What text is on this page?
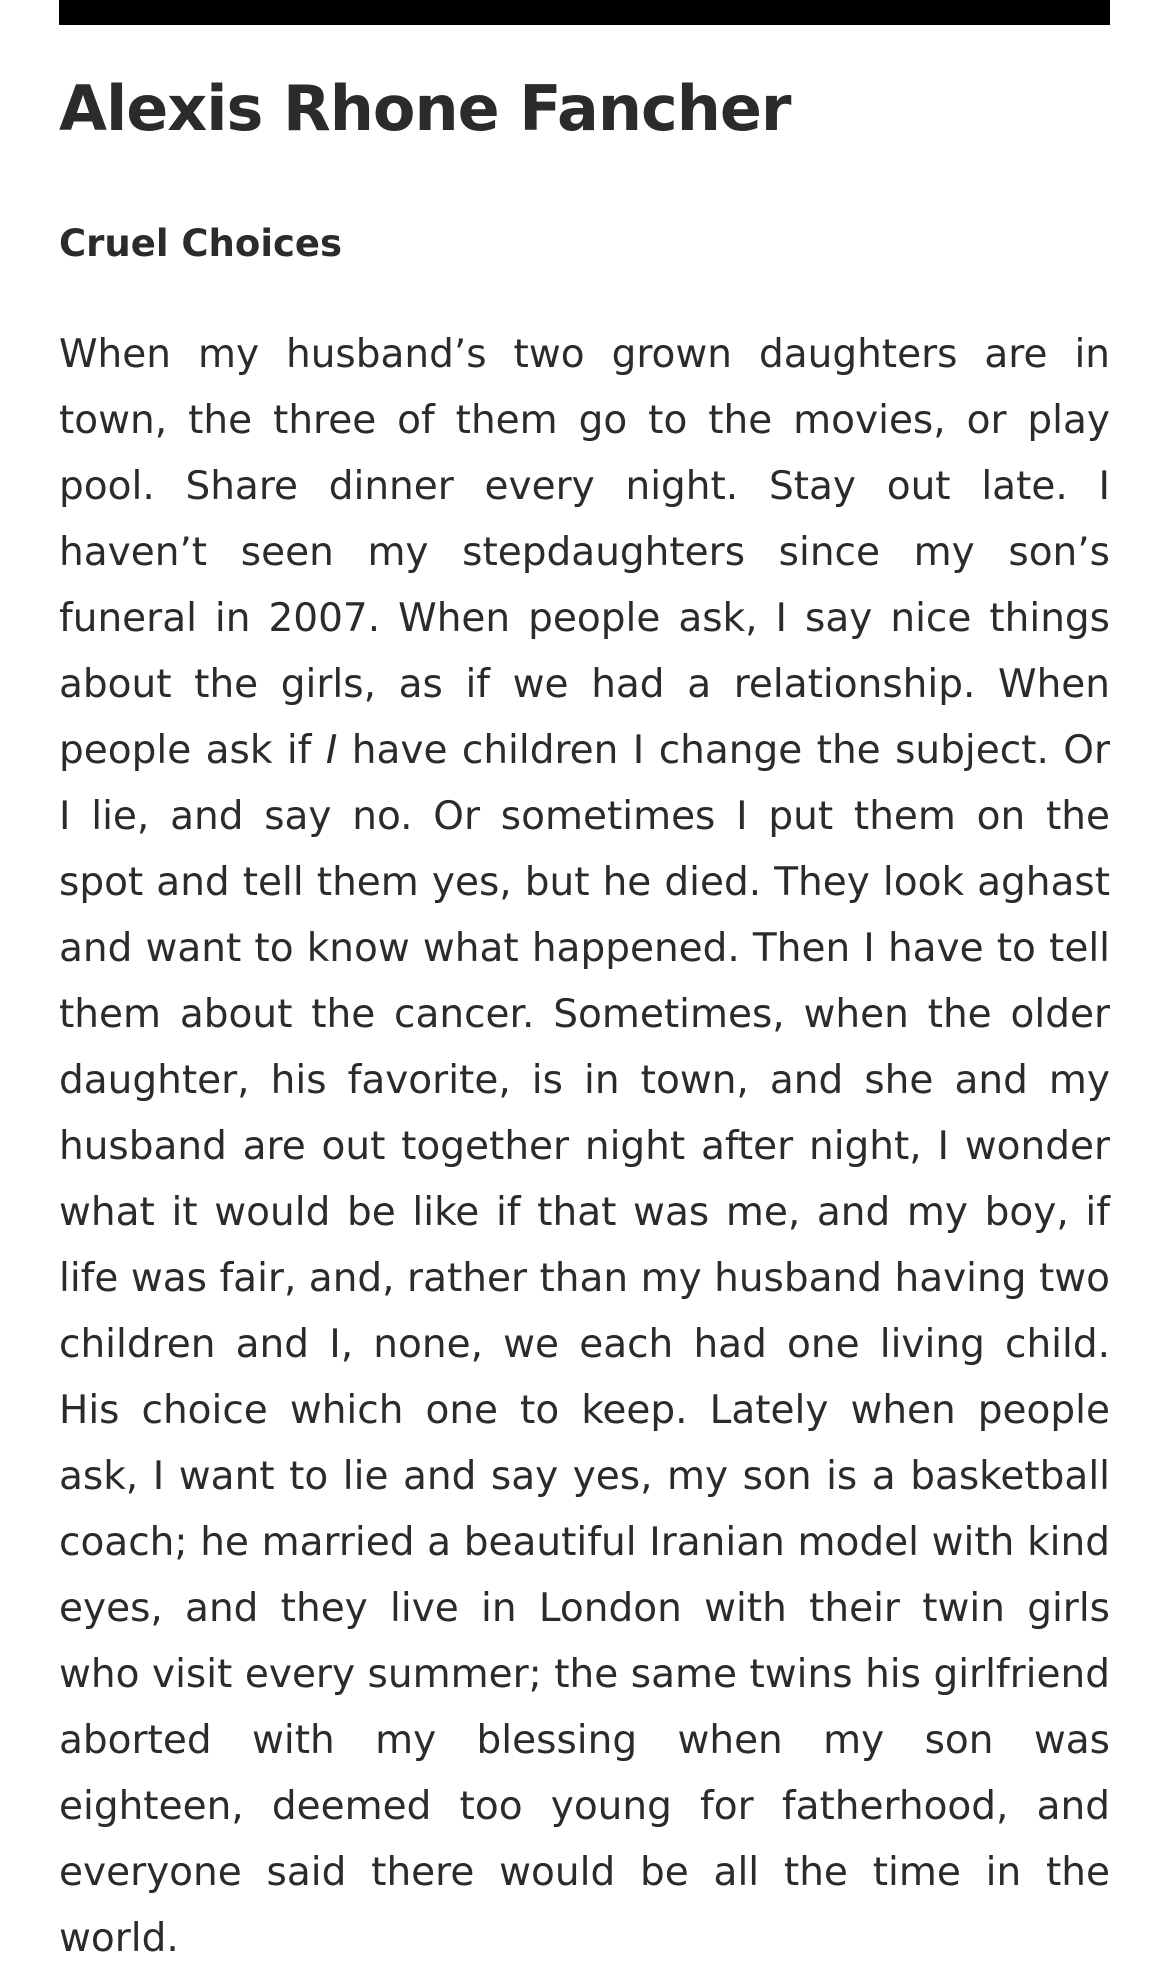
Alexis Rhone Fancher
Cruel Choices

When my husband’s two grown daughters are in town, the three of them go to the movies, or play pool. Share dinner every night. Stay out late. I haven’t seen my stepdaughters since my son’s funeral in 2007. When people ask, I say nice things about the girls, as if we had a relationship. When people ask if I have children I change the subject. Or I lie, and say no. Or sometimes I put them on the spot and tell them yes, but he died. They look aghast and want to know what happened. Then I have to tell them about the cancer. Sometimes, when the older daughter, his favorite, is in town, and she and my husband are out together night after night, I wonder what it would be like if that was me, and my boy, if life was fair, and, rather than my husband having two children and I, none, we each had one living child. His choice which one to keep. Lately when people ask, I want to lie and say yes, my son is a basketball coach; he married a beautiful Iranian model with kind eyes, and they live in London with their twin girls who visit every summer; the same twins his girlfriend aborted with my blessing when my son was eighteen, deemed too young for fatherhood, and everyone said there would be all the time in the world.
